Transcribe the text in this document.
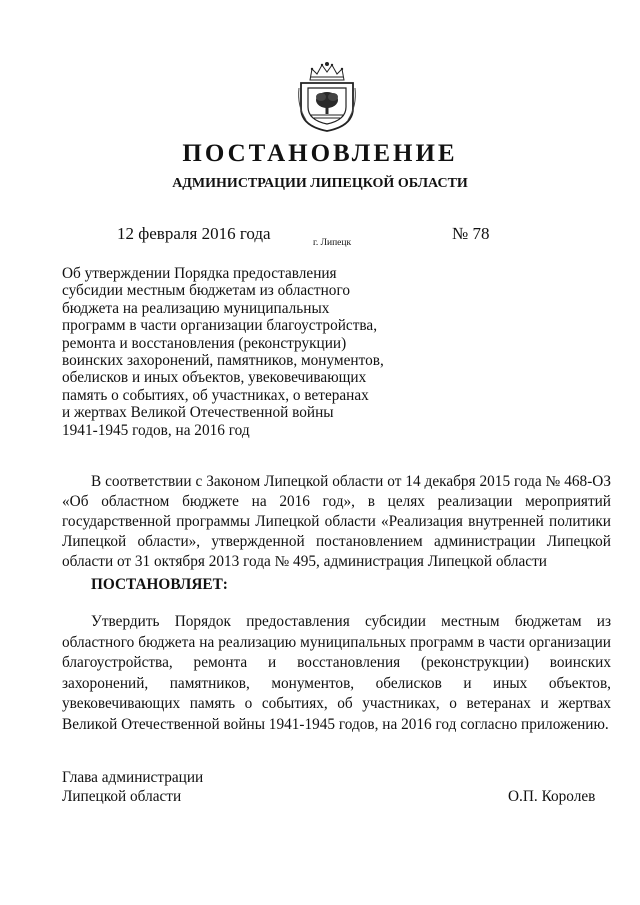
ПОСТАНОВЛЕНИЕ
АДМИНИСТРАЦИИ ЛИПЕЦКОЙ ОБЛАСТИ
12 февраля 2016 года	г. Липецк	№ 78
Об утверждении Порядка предоставления
субсидии местным бюджетам из областного
бюджета на реализацию муниципальных
программ в части организации благоустройства,
ремонта и восстановления (реконструкции)
воинских захоронений, памятников, монументов,
обелисков и иных объектов, увековечивающих
память о событиях, об участниках, о ветеранах
и жертвах Великой Отечественной войны
1941-1945 годов, на 2016 год

В соответствии с Законом Липецкой области от 14 декабря 2015 года № 468-ОЗ «Об областном бюджете на 2016 год», в целях реализации мероприятий государственной программы Липецкой области «Реализация внутренней политики Липецкой области», утвержденной постановлением администрации Липецкой области от 31 октября 2013 года № 495, администрация Липецкой области

ПОСТАНОВЛЯЕТ:

Утвердить Порядок предоставления субсидии местным бюджетам из областного бюджета на реализацию муниципальных программ в части организации благоустройства, ремонта и восстановления (реконструкции) воинских захоронений, памятников, монументов, обелисков и иных объектов, увековечивающих память о событиях, об участниках, о ветеранах и жертвах Великой Отечественной войны 1941-1945 годов, на 2016 год согласно приложению.

Глава администрации
Липецкой области	О.П. Королев
